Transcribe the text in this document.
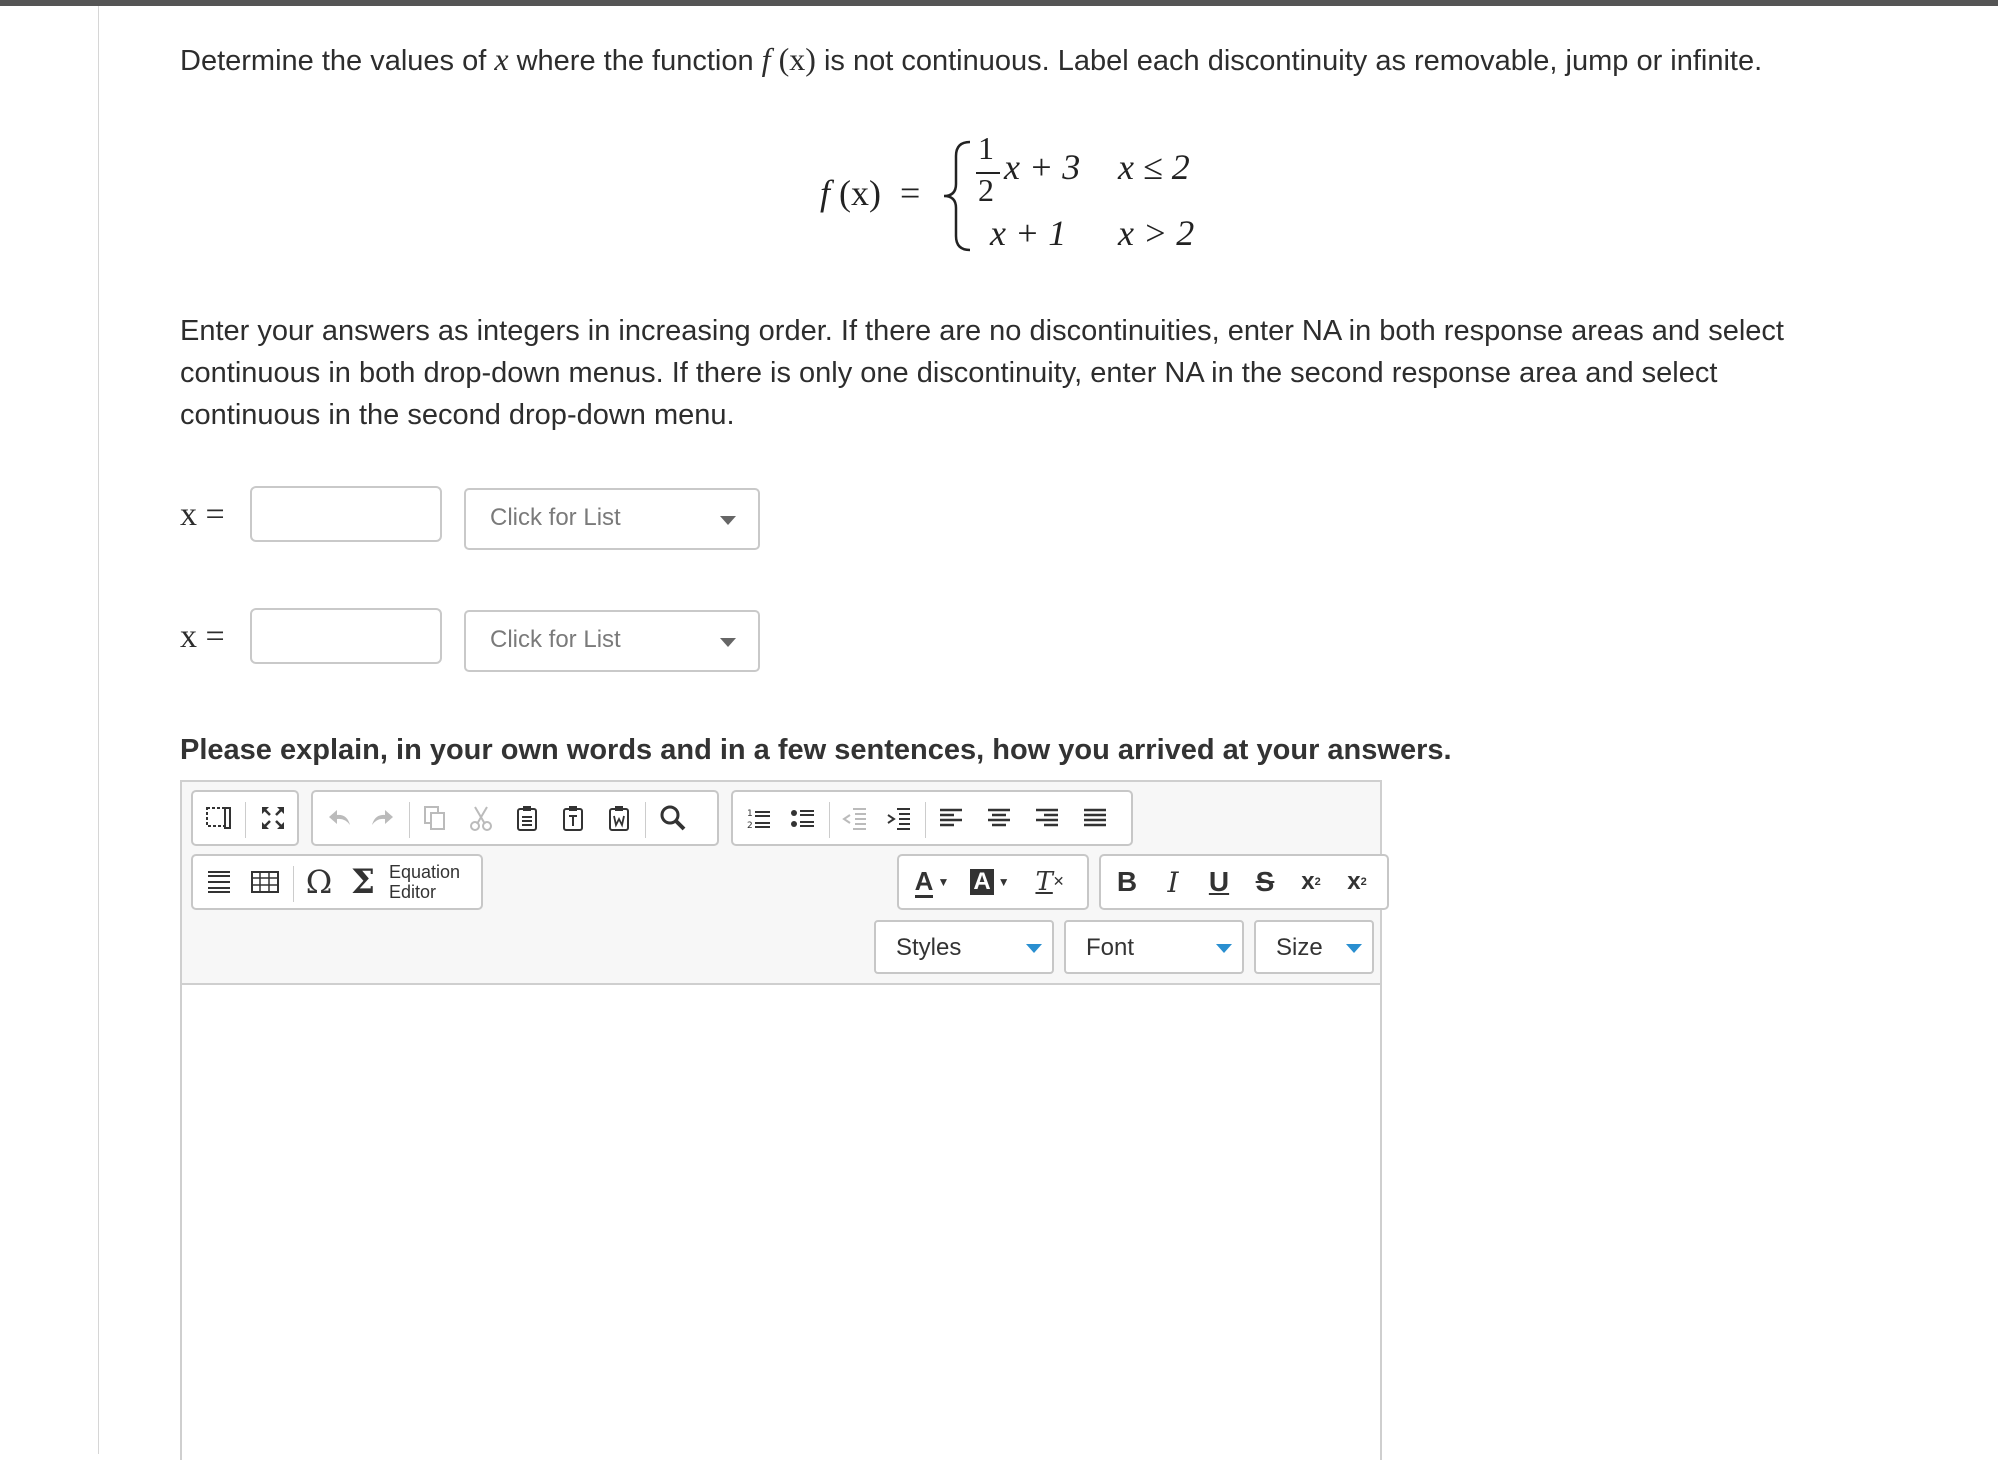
Determine the values of x where the function f (x) is not continuous. Label each discontinuity as removable, jump or infinite.

f (x) =
1
2
x + 3 x ≤ 2
x + 1 x > 2
Enter your answers as integers in increasing order. If there are no discontinuities, enter NA in both response areas and select
continuous in both drop-down menus. If there is only one discontinuity, enter NA in the second response area and select
continuous in the second drop-down menu.
x =	Click for List
x =	Click for List
Please explain, in your own words and in a few sentences, how you arrived at your answers.
1
2
Ω Σ Equation
Editor	A ▼ A ▼ T ✕	B	I	U S	x 2 x 2
Styles	Font	Size
